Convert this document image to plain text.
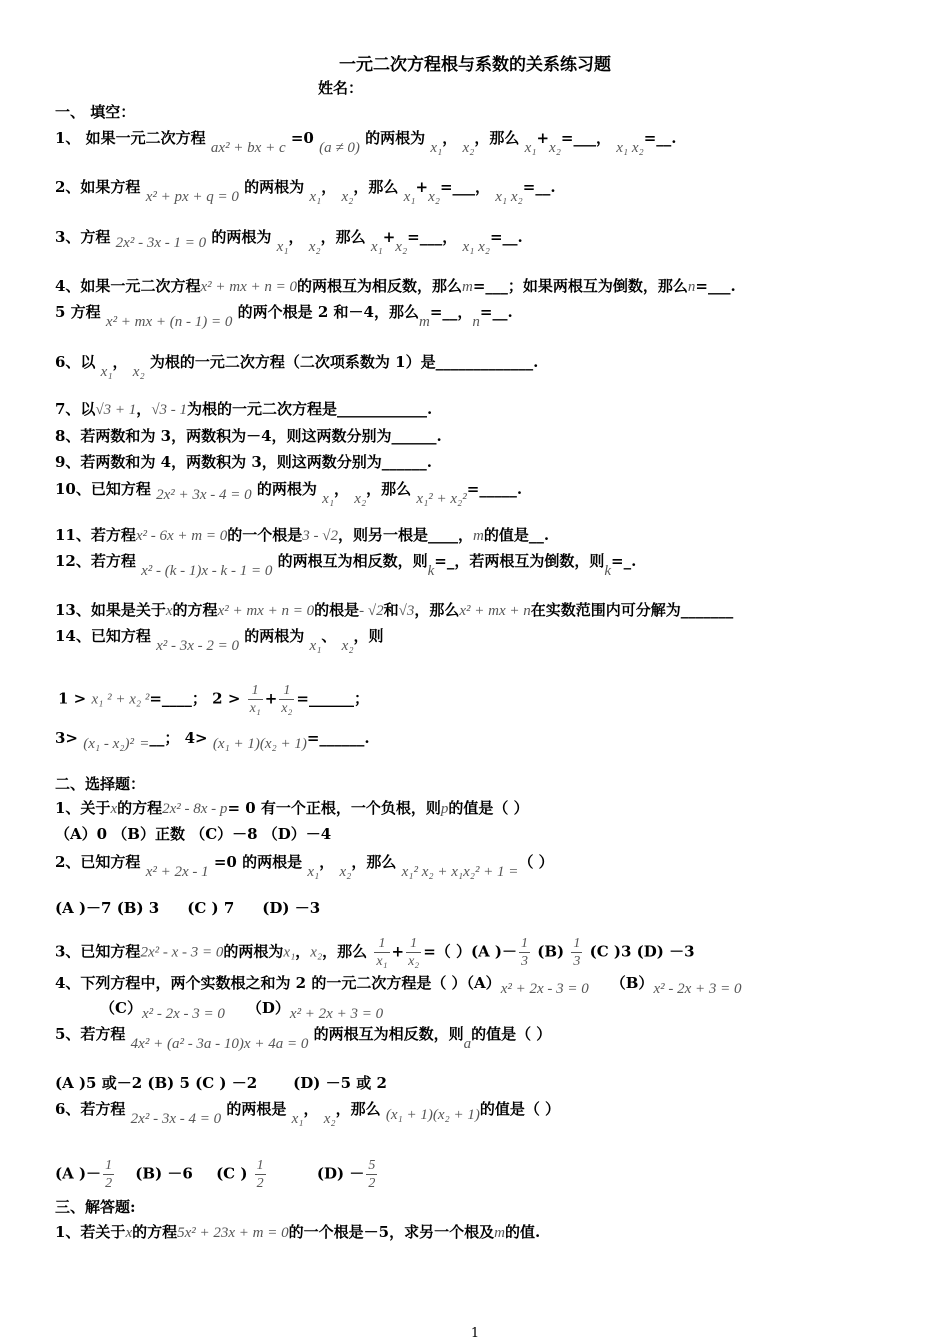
一元二次方程根与系数的关系练习题
姓名：
一、 填空：
1、 如果一元二次方程 ax² + bx + c =0 (a ≠ 0) 的两根为 x₁， x₂，那么 x₁+x₂=___， x₁ x₂=__.
2、如果方程 x² + px + q = 0 的两根为 x₁， x₂，那么 x₁+x₂=___， x₁ x₂=__.
3、方程 2x² - 3x - 1 = 0 的两根为 x₁， x₂，那么 x₁+x₂=___， x₁ x₂=__.
4、如果一元二次方程x² + mx + n = 0的两根互为相反数，那么m=___；如果两根互为倒数，那么n=___.
5 方程 x² + mx + (n - 1) = 0 的两个根是 2 和－4，那么m=__，n=__.
6、以 x₁， x₂ 为根的一元二次方程（二次项系数为 1）是_____________.
7、以√3 + 1，√3 - 1为根的一元二次方程是____________.
8、若两数和为 3，两数积为－4，则这两数分别为______.
9、若两数和为 4，两数积为 3，则这两数分别为______.
10、已知方程 2x² + 3x - 4 = 0 的两根为 x₁， x₂，那么 x₁² + x₂²=_____.
11、若方程x² - 6x + m = 0的一个根是3 - √2，则另一根是____，m的值是__.
12、若方程 x² - (k - 1)x - k - 1 = 0 的两根互为相反数，则k=_，若两根互为倒数，则k=_.
13、如果是关于x的方程x² + mx + n = 0的根是- √2和√3，那么x² + mx + n在实数范围内可分解为_______
14、已知方程 x² - 3x - 2 = 0 的两根为 x₁、 x₂，则
1 > x₁ ² + x₂ ²=____； $2 > \frac{1}{\text{x₁}} + \frac{1}{\text{x₂}}$ =______；
3> (x₁ - x₂)² =__； 4> (x₁ + 1)(x₂ + 1)=______.
二、选择题：
1、关于x的方程2x² - 8x - p= 0 有一个正根，一个负根，则p的值是（ ）
（A）0 （B）正数 （C）－8 （D）－4
2、已知方程 x² + 2x - 1 =0 的两根是 x₁， x₂，那么 x₁² x₂ + x₁x₂² + 1 =（ ）
(A )－7 (B) 3 (C ) 7 (D) －3
3、已知方程2x² - x - 3 = 0的两根为x₁，x₂，那么 $\frac{1}{\text{x₁}} + \frac{1}{\text{x₂}}$ =（ ）(A )－ $\frac{1}{3} (B) \frac{1}{3} (C$ )3 (D) －3
4、下列方程中，两个实数根之和为 2 的一元二次方程是（ ）（A）x² + 2x - 3 = 0 （B）x² - 2x + 3 = 0
（C）x² - 2x - 3 = 0 （D）x² + 2x + 3 = 0
5、若方程 4x² + (a² - 3a - 10)x + 4a = 0 的两根互为相反数，则a的值是（ ）
(A )5 或－2 (B) 5 (C ) －2 (D) －5 或 2
6、若方程 2x² - 3x - 4 = 0 的两根是 x₁， x₂，那么 (x₁ + 1)(x₂ + 1)的值是（ ）
(A )－ $\frac{1}{2} (B) -6$ (C ) $\frac{1}{2}$	$(D) - \frac{5}{2}$
三、解答题:
1、若关于x的方程5x² + 23x + m = 0的一个根是－5，求另一个根及m的值.
1
